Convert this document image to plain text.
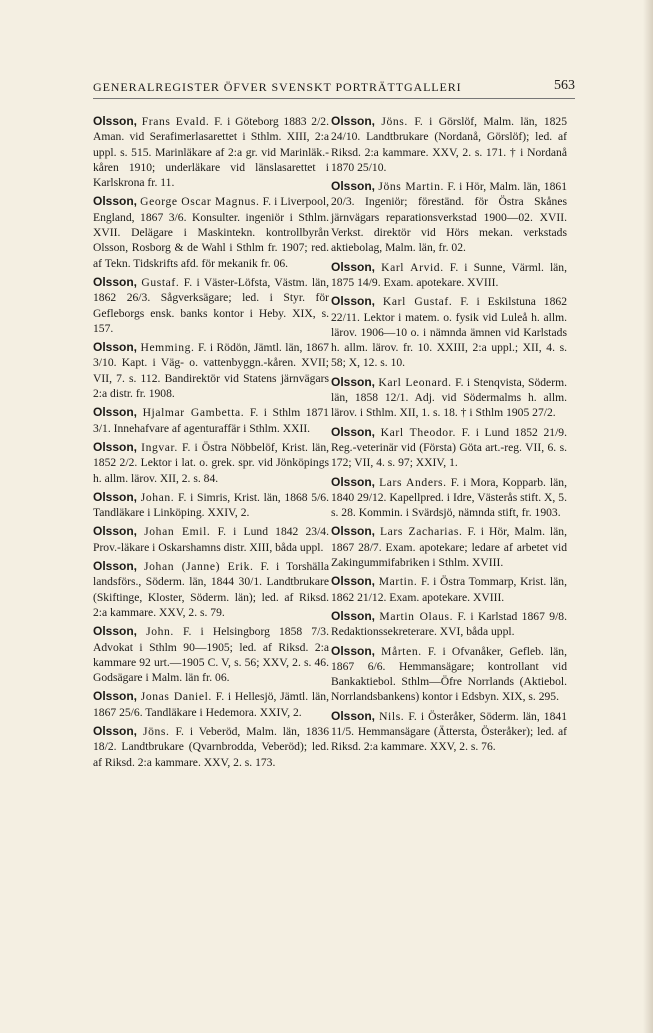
GENERALREGISTER ÖFVER SVENSKT PORTRÄTTGALLERI	563

Olsson, Frans Evald. F. i Göteborg 1883 2/2. Aman. vid Serafimerlasarettet i Sthlm. XIII, 2:a uppl. s. 515. Marinläkare af 2:a gr. vid Marinläk.-kåren 1910; underläkare vid länslasarettet i Karlskrona fr. 11.

Olsson, George Oscar Magnus. F. i Liverpool, England, 1867 3/6. Konsulter. ingeniör i Sthlm. XVII. Delägare i Maskintekn. kontrollbyrån Olsson, Rosborg & de Wahl i Sthlm fr. 1907; red. af Tekn. Tidskrifts afd. för mekanik fr. 06.

Olsson, Gustaf. F. i Väster-Löfsta, Västm. län, 1862 26/3. Sågverksägare; led. i Styr. för Gefleborgs ensk. banks kontor i Heby. XIX, s. 157.

Olsson, Hemming. F. i Rödön, Jämtl. län, 1867 3/10. Kapt. i Väg- o. vattenbyggn.-kåren. XVII; VII, 7. s. 112. Bandirektör vid Statens järnvägars 2:a distr. fr. 1908.

Olsson, Hjalmar Gambetta. F. i Sthlm 1871 3/1. Innehafvare af agenturaffär i Sthlm. XXII.

Olsson, Ingvar. F. i Östra Nöbbelöf, Krist. län, 1852 2/2. Lektor i lat. o. grek. spr. vid Jönköpings h. allm. lärov. XII, 2. s. 84.

Olsson, Johan. F. i Simris, Krist. län, 1868 5/6. Tandläkare i Linköping. XXIV, 2.

Olsson, Johan Emil. F. i Lund 1842 23/4. Prov.-läkare i Oskarshamns distr. XIII, båda uppl.

Olsson, Johan (Janne) Erik. F. i Torshälla landsförs., Söderm. län, 1844 30/1. Landtbrukare (Skiftinge, Kloster, Söderm. län); led. af Riksd. 2:a kammare. XXV, 2. s. 79.

Olsson, John. F. i Helsingborg 1858 7/3. Advokat i Sthlm 90—1905; led. af Riksd. 2:a kammare 92 urt.—1905 C. V, s. 56; XXV, 2. s. 46. Godsägare i Malm. län fr. 06.

Olsson, Jonas Daniel. F. i Hellesjö, Jämtl. län, 1867 25/6. Tandläkare i Hedemora. XXIV, 2.

Olsson, Jöns. F. i Veberöd, Malm. län, 1836 18/2. Landtbrukare (Qvarnbrodda, Veberöd); led. af Riksd. 2:a kammare. XXV, 2. s. 173.

Olsson, Jöns. F. i Görslöf, Malm. län, 1825 24/10. Landtbrukare (Nordanå, Görslöf); led. af Riksd. 2:a kammare. XXV, 2. s. 171. † i Nordanå 1870 25/10.

Olsson, Jöns Martin. F. i Hör, Malm. län, 1861 20/3. Ingeniör; föreständ. för Östra Skånes järnvägars reparationsverkstad 1900—02. XVII. Verkst. direktör vid Hörs mekan. verkstads aktiebolag, Malm. län, fr. 02.

Olsson, Karl Arvid. F. i Sunne, Värml. län, 1875 14/9. Exam. apotekare. XVIII.

Olsson, Karl Gustaf. F. i Eskilstuna 1862 22/11. Lektor i matem. o. fysik vid Luleå h. allm. lärov. 1906—10 o. i nämnda ämnen vid Karlstads h. allm. lärov. fr. 10. XXIII, 2:a uppl.; XII, 4. s. 58; X, 12. s. 10.

Olsson, Karl Leonard. F. i Stenqvista, Söderm. län, 1858 12/1. Adj. vid Södermalms h. allm. lärov. i Sthlm. XII, 1. s. 18. † i Sthlm 1905 27/2.

Olsson, Karl Theodor. F. i Lund 1852 21/9. Reg.-veterinär vid (Första) Göta art.-reg. VII, 6. s. 172; VII, 4. s. 97; XXIV, 1.

Olsson, Lars Anders. F. i Mora, Kopparb. län, 1840 29/12. Kapellpred. i Idre, Västerås stift. X, 5. s. 28. Kommin. i Svärdsjö, nämnda stift, fr. 1903.

Olsson, Lars Zacharias. F. i Hör, Malm. län, 1867 28/7. Exam. apotekare; ledare af arbetet vid Zakingummifabriken i Sthlm. XVIII.

Olsson, Martin. F. i Östra Tommarp, Krist. län, 1862 21/12. Exam. apotekare. XVIII.

Olsson, Martin Olaus. F. i Karlstad 1867 9/8. Redaktionssekreterare. XVI, båda uppl.

Olsson, Mårten. F. i Ofvanåker, Gefleb. län, 1867 6/6. Hemmansägare; kontrollant vid Bankaktiebol. Sthlm—Öfre Norrlands (Aktiebol. Norrlandsbankens) kontor i Edsbyn. XIX, s. 295.

Olsson, Nils. F. i Österåker, Söderm. län, 1841 11/5. Hemmansägare (Ättersta, Österåker); led. af Riksd. 2:a kammare. XXV, 2. s. 76.
